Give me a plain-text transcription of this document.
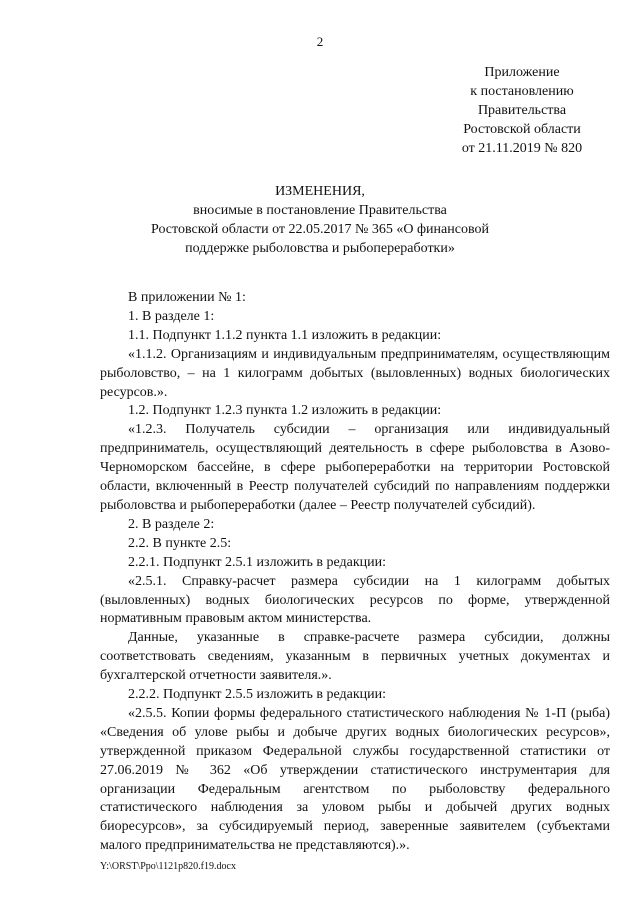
2
Приложение
к постановлению
Правительства
Ростовской области
от 21.11.2019 № 820
ИЗМЕНЕНИЯ,
вносимые в постановление Правительства
Ростовской области от 22.05.2017 № 365 «О финансовой
поддержке рыболовства и рыбопереработки»

В приложении № 1:

1. В разделе 1:

1.1. Подпункт 1.1.2 пункта 1.1 изложить в редакции:

«1.1.2. Организациям и индивидуальным предпринимателям, осуществляющим рыболовство, – на 1 килограмм добытых (выловленных) водных биологических ресурсов.».

1.2. Подпункт 1.2.3 пункта 1.2 изложить в редакции:

«1.2.3. Получатель субсидии – организация или индивидуальный предприниматель, осуществляющий деятельность в сфере рыболовства в Азово-Черноморском бассейне, в сфере рыбопереработки на территории Ростовской области, включенный в Реестр получателей субсидий по направлениям поддержки рыболовства и рыбопереработки (далее – Реестр получателей субсидий).

2. В разделе 2:

2.2. В пункте 2.5:

2.2.1. Подпункт 2.5.1 изложить в редакции:

«2.5.1. Справку-расчет размера субсидии на 1 килограмм добытых (выловленных) водных биологических ресурсов по форме, утвержденной нормативным правовым актом министерства.

Данные, указанные в справке-расчете размера субсидии, должны соответствовать сведениям, указанным в первичных учетных документах и бухгалтерской отчетности заявителя.».

2.2.2. Подпункт 2.5.5 изложить в редакции:

«2.5.5. Копии формы федерального статистического наблюдения № 1-П (рыба) «Сведения об улове рыбы и добыче других водных биологических ресурсов», утвержденной приказом Федеральной службы государственной статистики от 27.06.2019 № 362 «Об утверждении статистического инструментария для организации Федеральным агентством по рыболовству федерального статистического наблюдения за уловом рыбы и добычей других водных биоресурсов», за субсидируемый период, заверенные заявителем (субъектами малого предпринимательства не представляются).».

Y:\ORST\Ppo\1121p820.f19.docx
